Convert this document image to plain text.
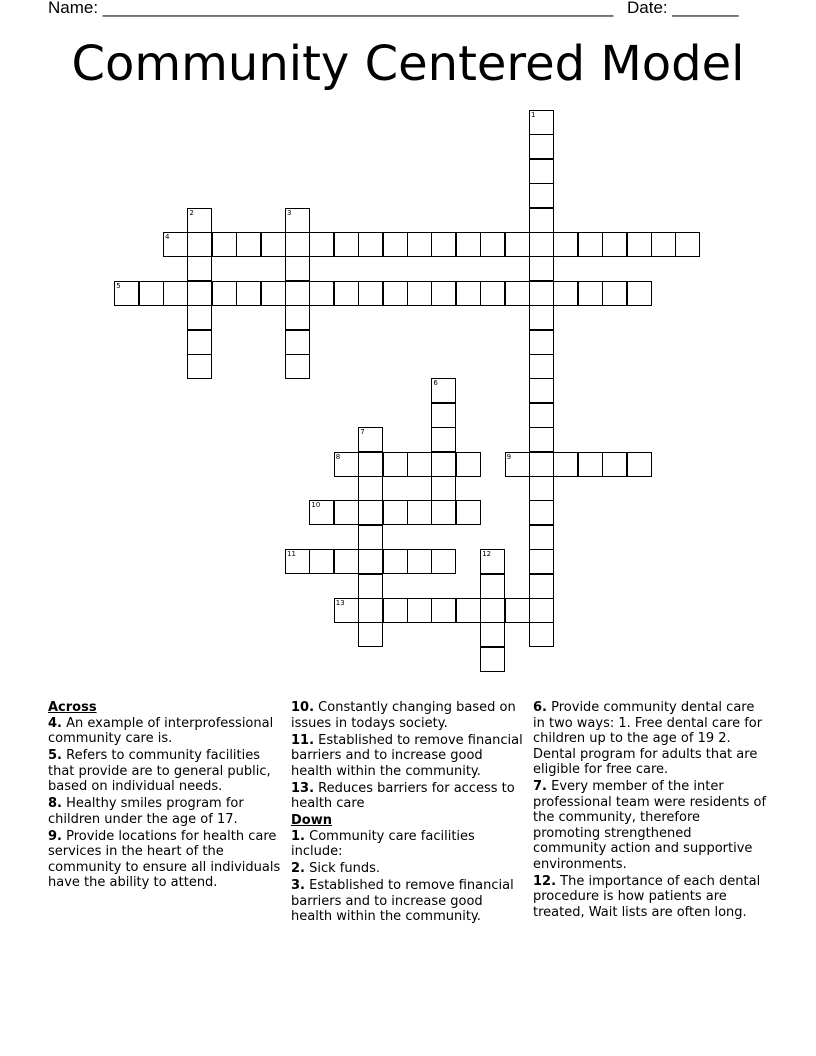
Name: ______________________________________________________ Date: _______
Community Centered Model
1
2	3
4
5
6
7
8	9
10
11	12
13

Across

4. An example of interprofessional community care is.

5. Refers to community facilities that provide are to general public, based on individual needs.

8. Healthy smiles program for children under the age of 17.

9. Provide locations for health care services in the heart of the community to ensure all individuals have the ability to attend.

10. Constantly changing based on issues in todays society.

11. Established to remove financial barriers and to increase good health within the community.

13. Reduces barriers for access to health care

Down

1. Community care facilities include:

2. Sick funds.

3. Established to remove financial barriers and to increase good health within the community.

6. Provide community dental care in two ways: 1. Free dental care for children up to the age of 19 2. Dental program for adults that are eligible for free care.

7. Every member of the inter professional team were residents of the community, therefore promoting strengthened community action and supportive environments.

12. The importance of each dental procedure is how patients are treated, Wait lists are often long.
